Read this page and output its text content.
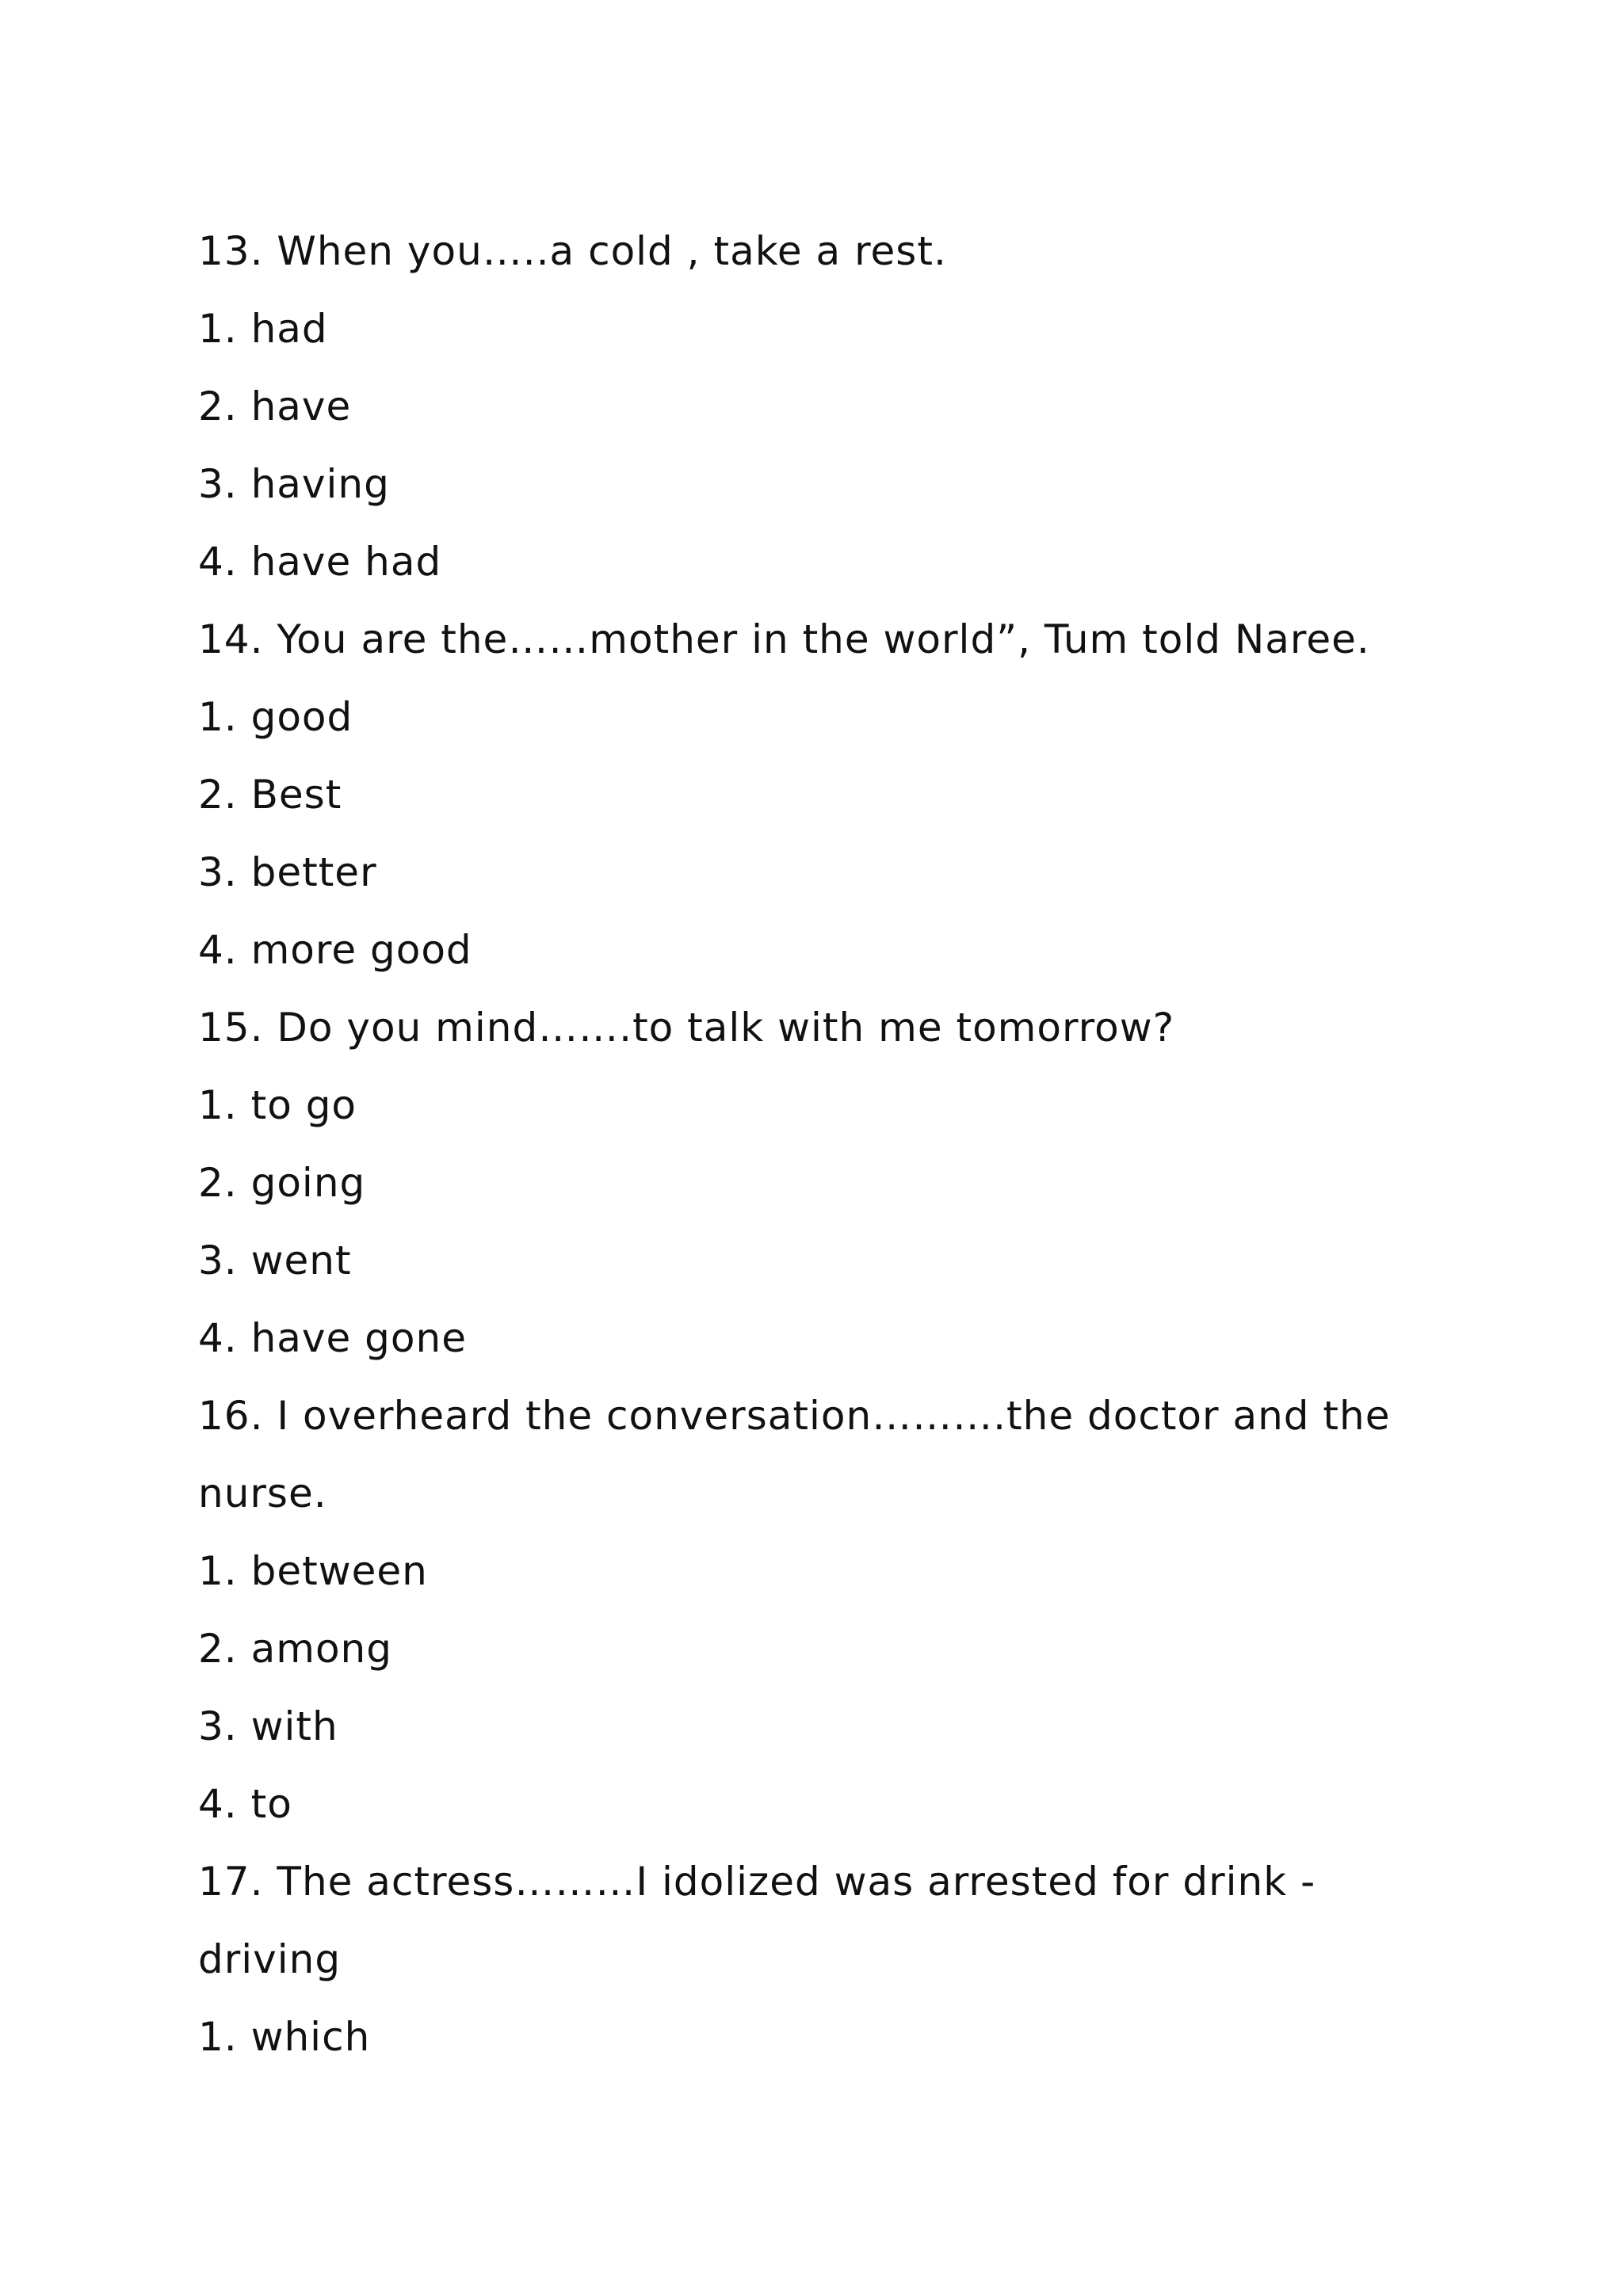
13. When you…..a cold , take a rest.
1. had
2. have
3. having
4. have had
14. You are the……mother in the world”, Tum told Naree.
1. good
2. Best
3. better
4. more good
15. Do you mind…….to talk with me tomorrow?
1. to go
2. going
3. went
4. have gone
16. I overheard the conversation……….the doctor and the
nurse.
1. between
2. among
3. with
4. to
17. The actress………I idolized was arrested for drink -
driving
1. which
